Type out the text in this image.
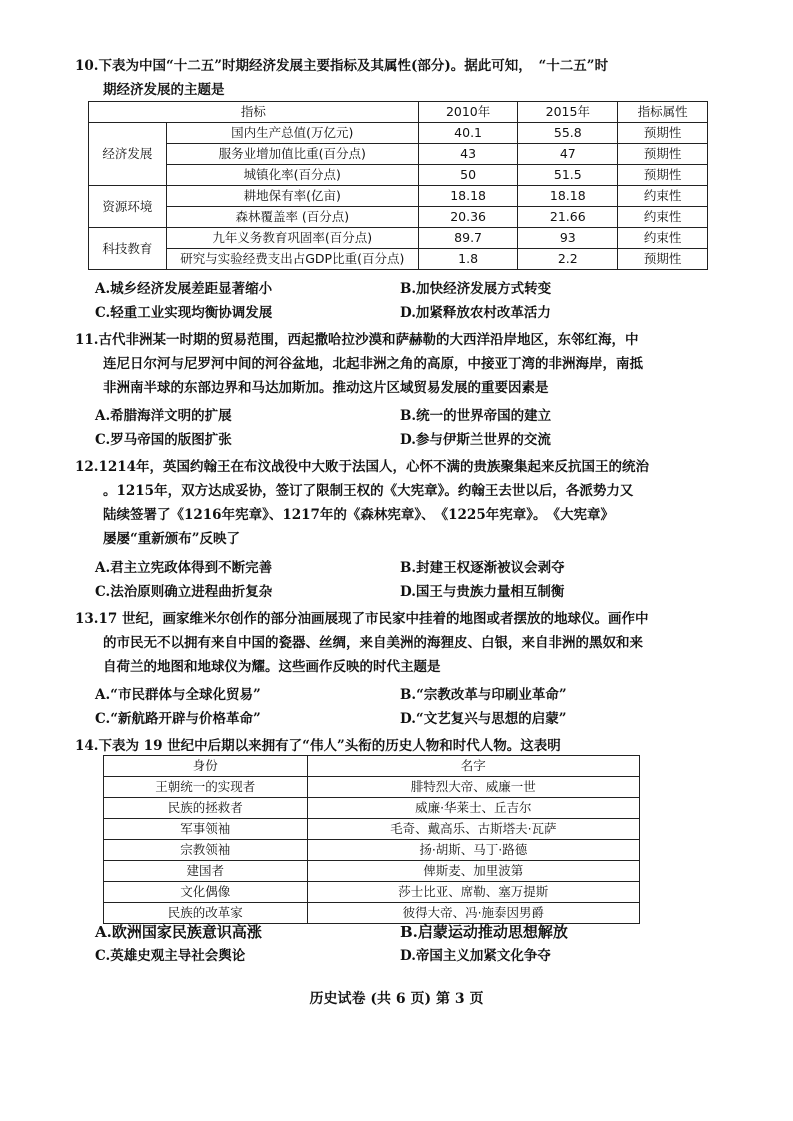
10.下表为中国“十二五”时期经济发展主要指标及其属性(部分)。据此可知，　“十二五”时
期经济发展的主题是
指标		2010年	2015年	指标属性
经济发展	国内生产总值(万亿元)	40.1	55.8	预期性
	服务业增加值比重(百分点)	43	47	预期性
	城镇化率(百分点)	50	51.5	预期性
资源环境	耕地保有率(亿亩)	18.18	18.18	约束性
	森林覆盖率 (百分点)	20.36	21.66	约束性
科技教育	九年义务教育巩固率(百分点)	89.7	93	约束性
	研究与实验经费支出占GDP比重(百分点)	1.8	2.2	预期性
A.城乡经济发展差距显著缩小	B.加快经济发展方式转变
C.轻重工业实现均衡协调发展	D.加紧释放农村改革活力
11.古代非洲某一时期的贸易范围，西起撒哈拉沙漠和萨赫勒的大西洋沿岸地区，东邻红海，中
连尼日尔河与尼罗河中间的河谷盆地，北起非洲之角的高原，中接亚丁湾的非洲海岸，南抵
非洲南半球的东部边界和马达加斯加。推动这片区域贸易发展的重要因素是
A.希腊海洋文明的扩展	B.统一的世界帝国的建立
C.罗马帝国的版图扩张	D.参与伊斯兰世界的交流
12.1214年，英国约翰王在布汶战役中大败于法国人，心怀不满的贵族聚集起来反抗国王的统治
。1215年，双方达成妥协，签订了限制王权的《大宪章》。约翰王去世以后，各派势力又
陆续签署了《1216年宪章》、1217年的《森林宪章》、　《1225年宪章》。　《大宪章》
屡屡“重新颁布”反映了
A.君主立宪政体得到不断完善	B.封建王权逐渐被议会剥夺
C.法治原则确立进程曲折复杂	D.国王与贵族力量相互制衡
13.17 世纪，画家维米尔创作的部分油画展现了市民家中挂着的地图或者摆放的地球仪。画作中
的市民无不以拥有来自中国的瓷器、丝绸，来自美洲的海狸皮、白银，来自非洲的黑奴和来
自荷兰的地图和地球仪为耀。这些画作反映的时代主题是
A.“市民群体与全球化贸易”	B.“宗教改革与印刷业革命”
C.“新航路开辟与价格革命”	D.“文艺复兴与思想的启蒙”
14.下表为 19 世纪中后期以来拥有了“伟人”头衔的历史人物和时代人物。这表明
身份	名字
王朝统一的实现者	腓特烈大帝、威廉一世
民族的拯救者	威廉·华莱士、丘吉尔
军事领袖	毛奇、戴高乐、古斯塔夫·瓦萨
宗教领袖	扬·胡斯、马丁·路德
建国者	俾斯麦、加里波第
文化偶像	莎士比亚、席勒、塞万提斯
民族的改革家	彼得大帝、冯·施泰因男爵
A.欧洲国家民族意识高涨	B.启蒙运动推动思想解放
C.英雄史观主导社会舆论	D.帝国主义加紧文化争夺
历史试卷 (共 6 页) 第 3 页
